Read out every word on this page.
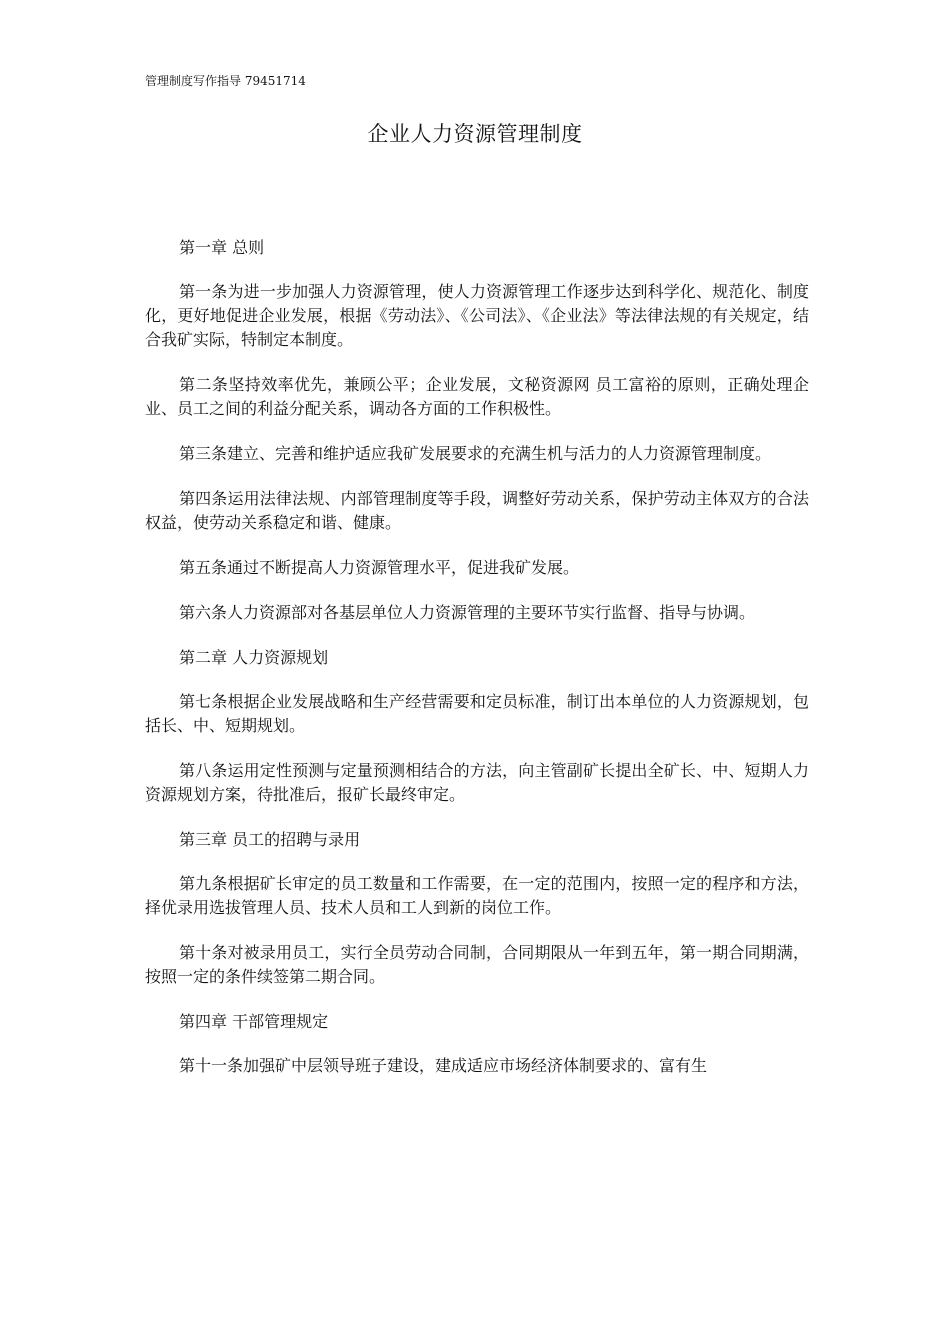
管理制度写作指导 79451714
企业人力资源管理制度
第一章 总则

第一条为进一步加强人力资源管理，使人力资源管理工作逐步达到科学化、规范化、制度化，更好地促进企业发展，根据《劳动法》、《公司法》、《企业法》等法律法规的有关规定，结合我矿实际，特制定本制度。

第二条坚持效率优先，兼顾公平；企业发展，文秘资源网 员工富裕的原则，正确处理企业、员工之间的利益分配关系，调动各方面的工作积极性。

第三条建立、完善和维护适应我矿发展要求的充满生机与活力的人力资源管理制度。

第四条运用法律法规、内部管理制度等手段，调整好劳动关系，保护劳动主体双方的合法权益，使劳动关系稳定和谐、健康。

第五条通过不断提高人力资源管理水平，促进我矿发展。

第六条人力资源部对各基层单位人力资源管理的主要环节实行监督、指导与协调。

第二章 人力资源规划

第七条根据企业发展战略和生产经营需要和定员标准，制订出本单位的人力资源规划，包括长、中、短期规划。

第八条运用定性预测与定量预测相结合的方法，向主管副矿长提出全矿长、中、短期人力资源规划方案，待批准后，报矿长最终审定。

第三章 员工的招聘与录用

第九条根据矿长审定的员工数量和工作需要，在一定的范围内，按照一定的程序和方法，择优录用选拔管理人员、技术人员和工人到新的岗位工作。

第十条对被录用员工，实行全员劳动合同制，合同期限从一年到五年，第一期合同期满，按照一定的条件续签第二期合同。

第四章 干部管理规定

第十一条加强矿中层领导班子建设，建成适应市场经济体制要求的、富有生
